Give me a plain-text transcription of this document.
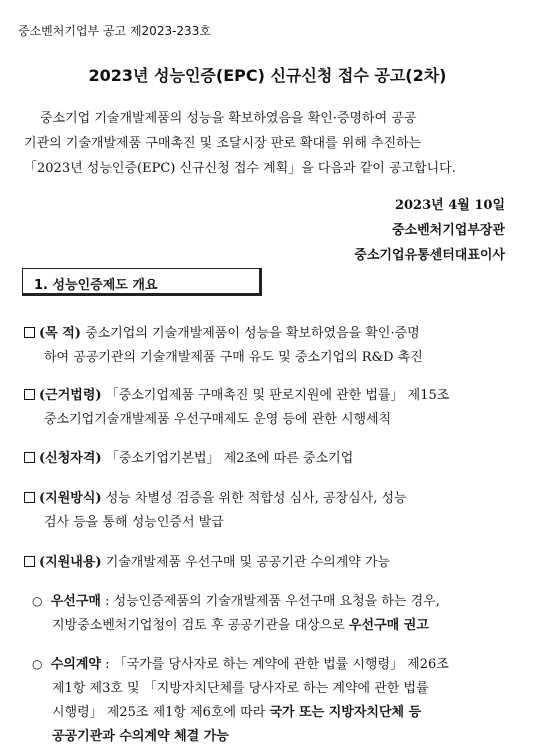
중소벤처기업부 공고 제2023-233호
2023년 성능인증(EPC) 신규신청 접수 공고(2차)
중소기업 기술개발제품의 성능을 확보하였음을 확인·증명하여 공공
기관의 기술개발제품 구매촉진 및 조달시장 판로 확대를 위해 추진하는
「2023년 성능인증(EPC) 신규신청 접수 계획」을 다음과 같이 공고합니다.
2023년 4월 10일
중소벤처기업부장관
중소기업유통센터대표이사
1. 성능인증제도 개요
(목 적) 중소기업의 기술개발제품이 성능을 확보하였음을 확인·증명
하여 공공기관의 기술개발제품 구매 유도 및 중소기업의 R&D 촉진
(근거법령) 「중소기업제품 구매촉진 및 판로지원에 관한 법률」 제15조
중소기업기술개발제품 우선구매제도 운영 등에 관한 시행세칙
(신청자격) 「중소기업기본법」 제2조에 따른 중소기업
(지원방식) 성능 차별성 검증을 위한 적합성 심사, 공장심사, 성능
검사 등을 통해 성능인증서 발급
(지원내용) 기술개발제품 우선구매 및 공공기관 수의계약 가능
○ 우선구매 : 성능인증제품의 기술개발제품 우선구매 요청을 하는 경우,
지방중소벤처기업청이 검토 후 공공기관을 대상으로 우선구매 권고
○ 수의계약 : 「국가를 당사자로 하는 계약에 관한 법률 시행령」 제26조
제1항 제3호 및 「지방자치단체를 당사자로 하는 계약에 관한 법률
시행령」 제25조 제1항 제6호에 따라 국가 또는 지방자치단체 등
공공기관과 수의계약 체결 가능
